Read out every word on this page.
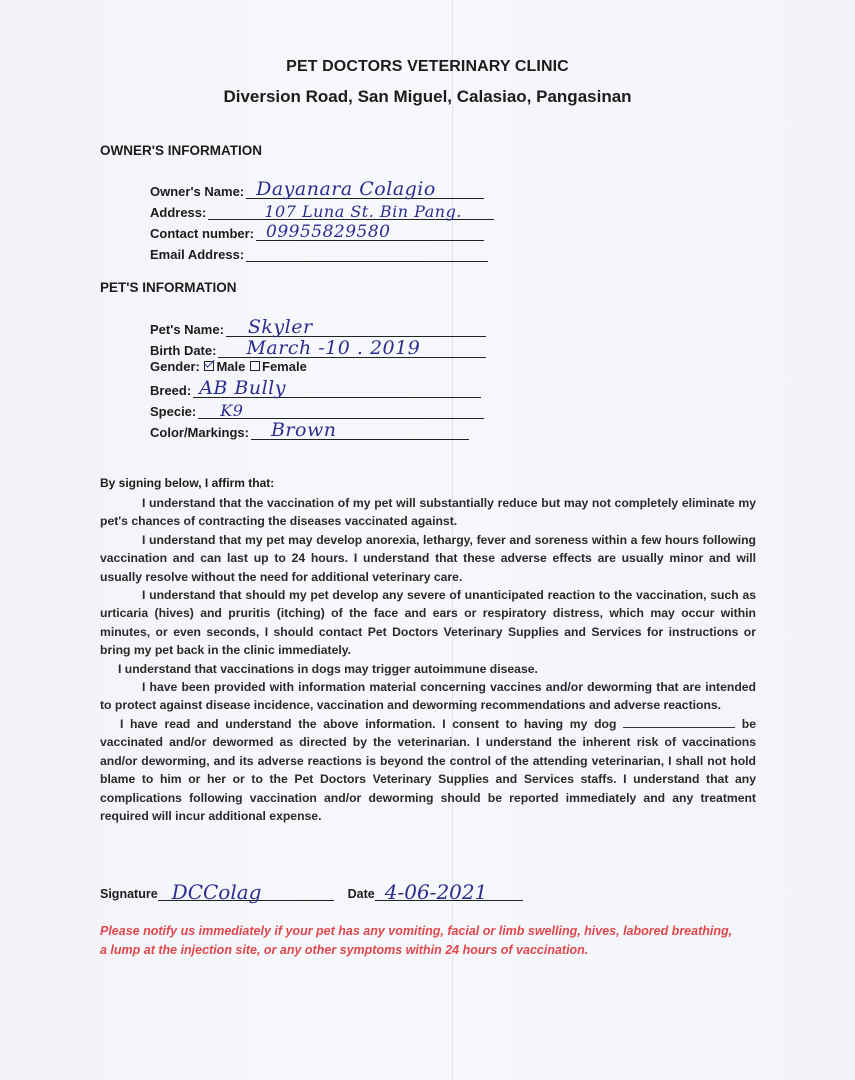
PET DOCTORS VETERINARY CLINIC
Diversion Road, San Miguel, Calasiao, Pangasinan
OWNER'S INFORMATION
Owner's Name: Dayanara Colagio
Address:	107 Luna St. Bin Pang.
Contact number: 09955829580
Email Address:
PET'S INFORMATION
Pet's Name: Skyler
Birth Date: March -10 . 2019
Gender: Male Female
Breed: AB Bully
Specie: K9
Color/Markings: Brown
By signing below, I affirm that:

I understand that the vaccination of my pet will substantially reduce but may not completely eliminate my pet's chances of contracting the diseases vaccinated against.

I understand that my pet may develop anorexia, lethargy, fever and soreness within a few hours following vaccination and can last up to 24 hours. I understand that these adverse effects are usually minor and will usually resolve without the need for additional veterinary care.

I understand that should my pet develop any severe of unanticipated reaction to the vaccination, such as urticaria (hives) and pruritis (itching) of the face and ears or respiratory distress, which may occur within minutes, or even seconds, I should contact Pet Doctors Veterinary Supplies and Services for instructions or bring my pet back in the clinic immediately.

I understand that vaccinations in dogs may trigger autoimmune disease.

I have been provided with information material concerning vaccines and/or deworming that are intended to protect against disease incidence, vaccination and deworming recommendations and adverse reactions.

I have read and understand the above information. I consent to having my dog	be vaccinated and/or dewormed as directed by the veterinarian. I understand the inherent risk of vaccinations and/or deworming, and its adverse reactions is beyond the control of the attending veterinarian, I shall not hold blame to him or her or to the Pet Doctors Veterinary Supplies and Services staffs. I understand that any complications following vaccination and/or deworming should be reported immediately and any treatment required will incur additional expense.

Signature DCColag	Date 4-06-2021
Please notify us immediately if your pet has any vomiting, facial or limb swelling, hives, labored breathing, a lump at the injection site, or any other symptoms within 24 hours of vaccination.
